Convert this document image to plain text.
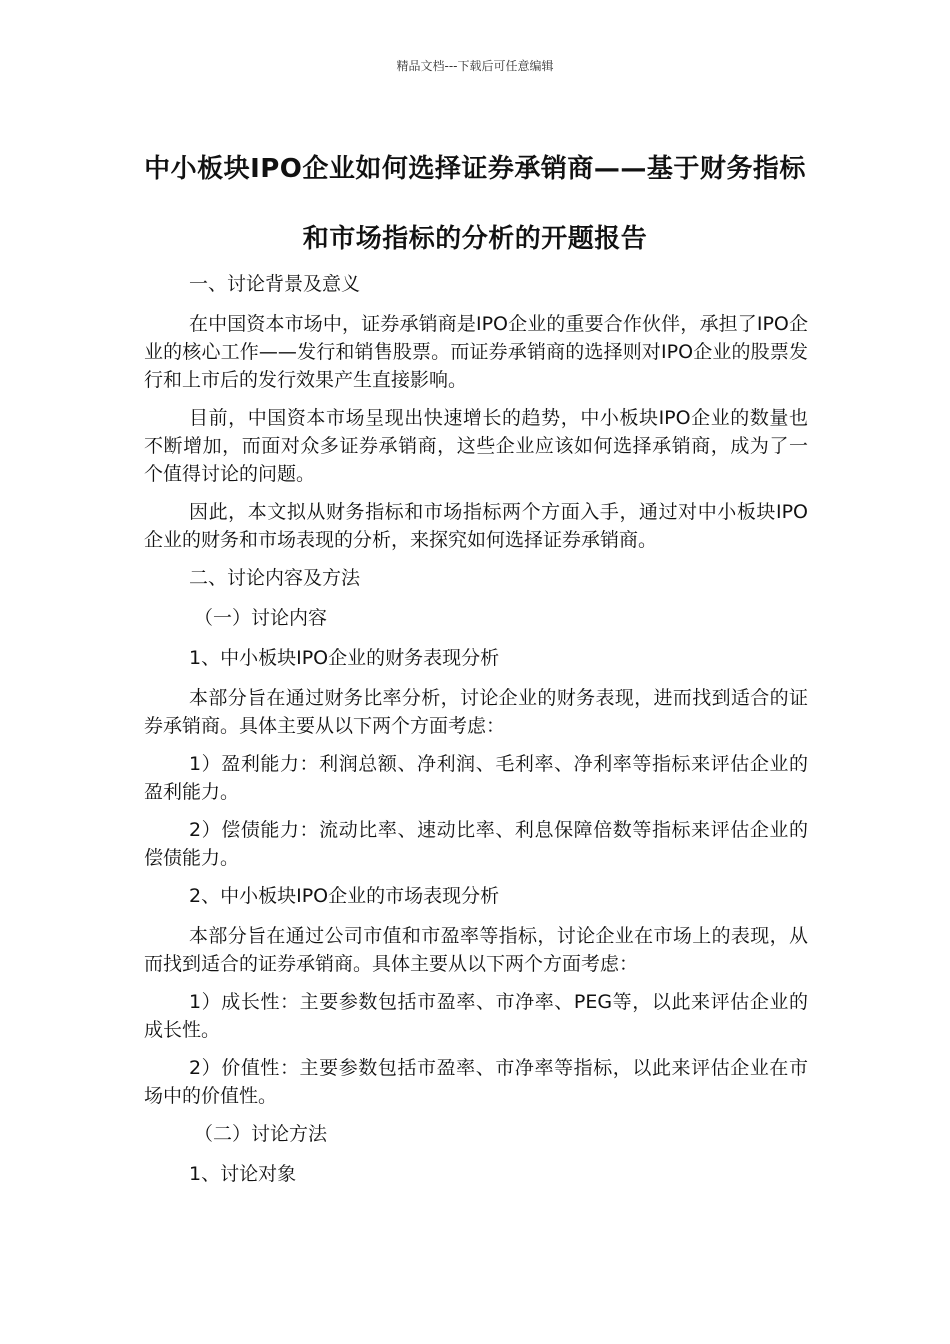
精品文档---下载后可任意编辑
中小板块IPO企业如何选择证券承销商——基于财务指标和市场指标的分析的开题报告
一、讨论背景及意义

在中国资本市场中，证券承销商是IPO企业的重要合作伙伴，承担了IPO企业的核心工作——发行和销售股票。而证券承销商的选择则对IPO企业的股票发行和上市后的发行效果产生直接影响。

目前，中国资本市场呈现出快速增长的趋势，中小板块IPO企业的数量也不断增加，而面对众多证券承销商，这些企业应该如何选择承销商，成为了一个值得讨论的问题。

因此，本文拟从财务指标和市场指标两个方面入手，通过对中小板块IPO企业的财务和市场表现的分析，来探究如何选择证券承销商。

二、讨论内容及方法
（一）讨论内容
1、中小板块IPO企业的财务表现分析

本部分旨在通过财务比率分析，讨论企业的财务表现，进而找到适合的证券承销商。具体主要从以下两个方面考虑：

1）盈利能力：利润总额、净利润、毛利率、净利率等指标来评估企业的盈利能力。

2）偿债能力：流动比率、速动比率、利息保障倍数等指标来评估企业的偿债能力。

2、中小板块IPO企业的市场表现分析

本部分旨在通过公司市值和市盈率等指标，讨论企业在市场上的表现，从而找到适合的证券承销商。具体主要从以下两个方面考虑：

1）成长性：主要参数包括市盈率、市净率、PEG等，以此来评估企业的成长性。

2）价值性：主要参数包括市盈率、市净率等指标，以此来评估企业在市场中的价值性。

（二）讨论方法
1、讨论对象
